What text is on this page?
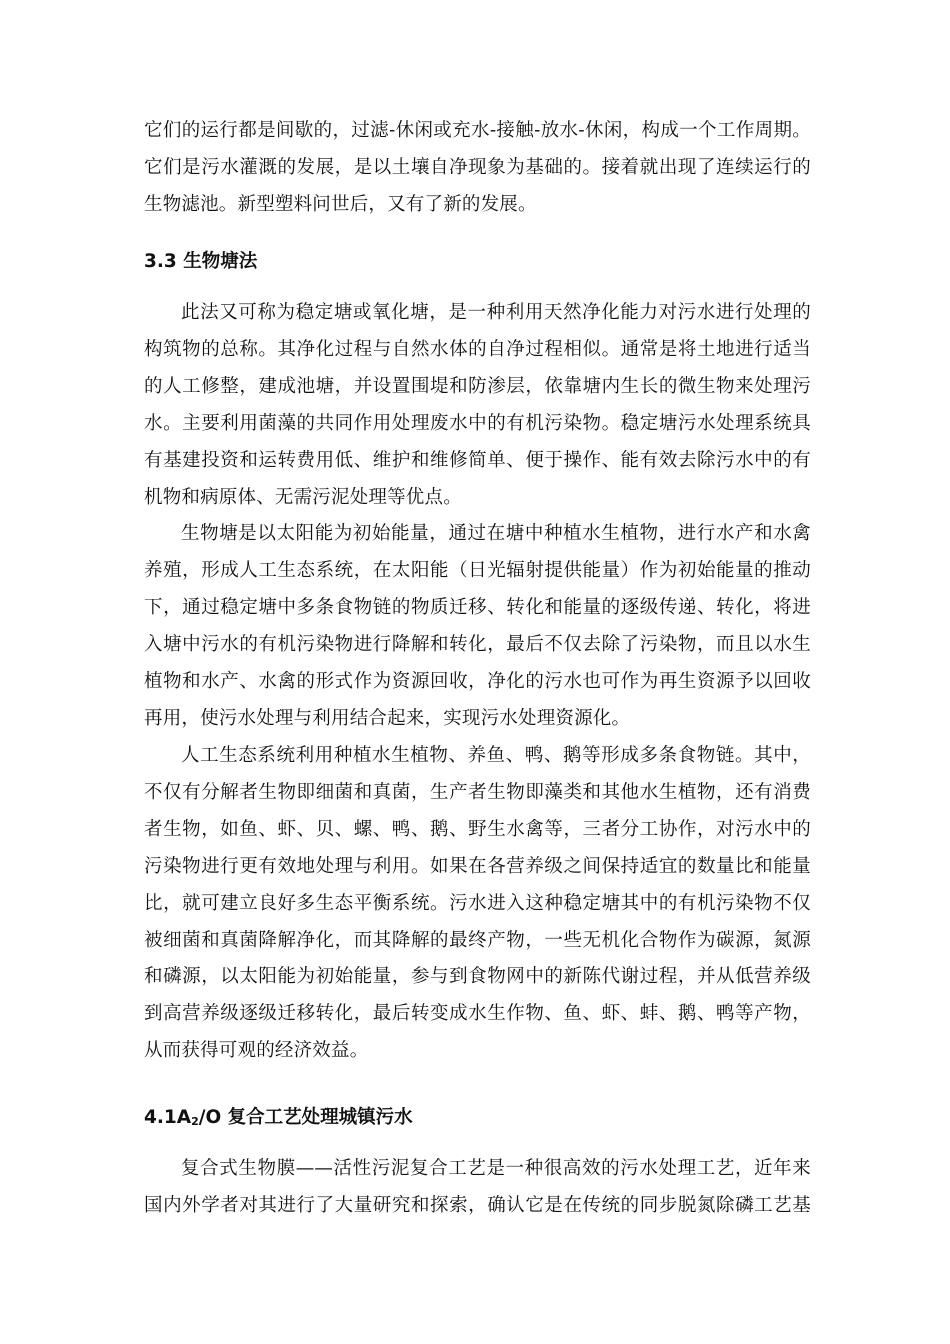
它们的运行都是间歇的，过滤-休闲或充水-接触-放水-休闲，构成一个工作周期。
它们是污水灌溉的发展，是以土壤自净现象为基础的。接着就出现了连续运行的
生物滤池。新型塑料问世后，又有了新的发展。
3.3 生物塘法
此法又可称为稳定塘或氧化塘，是一种利用天然净化能力对污水进行处理的
构筑物的总称。其净化过程与自然水体的自净过程相似。通常是将土地进行适当
的人工修整，建成池塘，并设置围堤和防渗层，依靠塘内生长的微生物来处理污
水。主要利用菌藻的共同作用处理废水中的有机污染物。稳定塘污水处理系统具
有基建投资和运转费用低、维护和维修简单、便于操作、能有效去除污水中的有
机物和病原体、无需污泥处理等优点。
生物塘是以太阳能为初始能量，通过在塘中种植水生植物，进行水产和水禽
养殖，形成人工生态系统，在太阳能（日光辐射提供能量）作为初始能量的推动
下，通过稳定塘中多条食物链的物质迁移、转化和能量的逐级传递、转化，将进
入塘中污水的有机污染物进行降解和转化，最后不仅去除了污染物，而且以水生
植物和水产、水禽的形式作为资源回收，净化的污水也可作为再生资源予以回收
再用，使污水处理与利用结合起来，实现污水处理资源化。
人工生态系统利用种植水生植物、养鱼、鸭、鹅等形成多条食物链。其中，
不仅有分解者生物即细菌和真菌，生产者生物即藻类和其他水生植物，还有消费
者生物，如鱼、虾、贝、螺、鸭、鹅、野生水禽等，三者分工协作，对污水中的
污染物进行更有效地处理与利用。如果在各营养级之间保持适宜的数量比和能量
比，就可建立良好多生态平衡系统。污水进入这种稳定塘其中的有机污染物不仅
被细菌和真菌降解净化，而其降解的最终产物，一些无机化合物作为碳源，氮源
和磷源，以太阳能为初始能量，参与到食物网中的新陈代谢过程，并从低营养级
到高营养级逐级迁移转化，最后转变成水生作物、鱼、虾、蚌、鹅、鸭等产物，
从而获得可观的经济效益。
4.1A2/O 复合工艺处理城镇污水
复合式生物膜——活性污泥复合工艺是一种很高效的污水处理工艺，近年来
国内外学者对其进行了大量研究和探索，确认它是在传统的同步脱氮除磷工艺基
